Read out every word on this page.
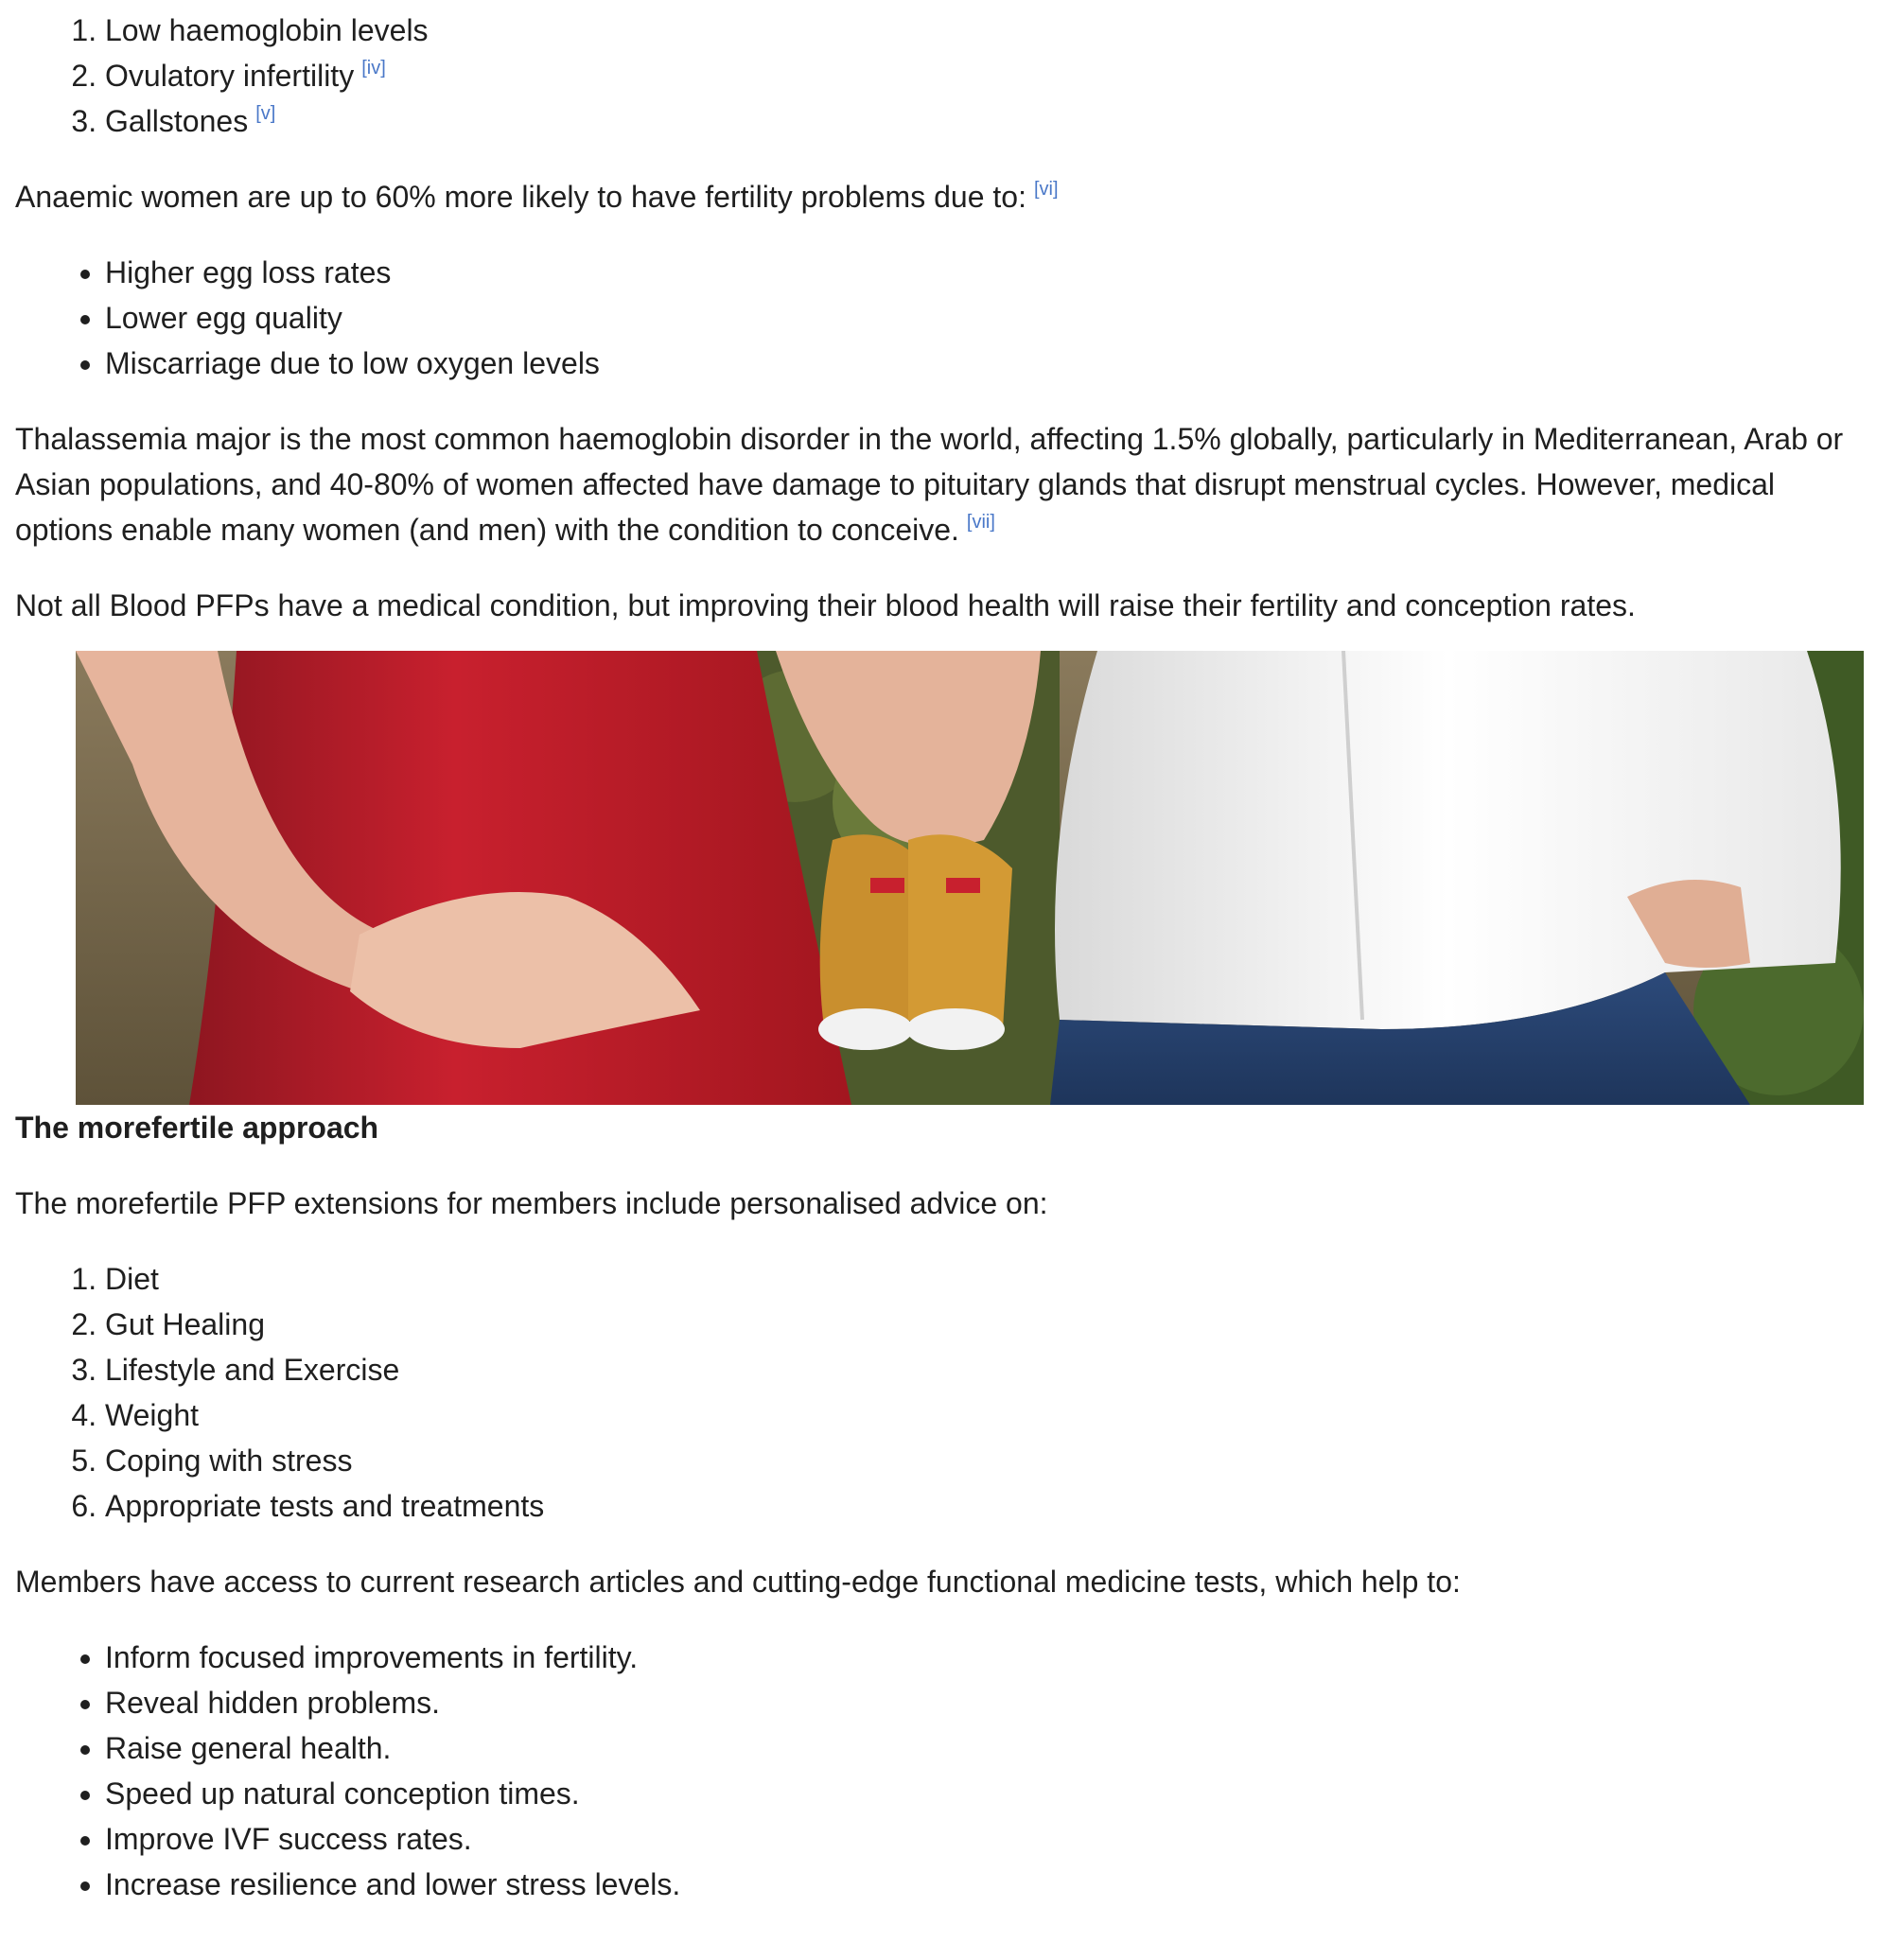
1. Low haemoglobin levels
2. Ovulatory infertility [iv]
3. Gallstones [v]

Anaemic women are up to 60% more likely to have fertility problems due to: [vi]

• Higher egg loss rates
• Lower egg quality
• Miscarriage due to low oxygen levels

Thalassemia major is the most common haemoglobin disorder in the world, affecting 1.5% globally, particularly in Mediterranean, Arab or Asian populations, and 40-80% of women affected have damage to pituitary glands that disrupt menstrual cycles. However, medical options enable many women (and men) with the condition to conceive. [vii]

Not all Blood PFPs have a medical condition, but improving their blood health will raise their fertility and conception rates.

The morefertile approach

The morefertile PFP extensions for members include personalised advice on:

1. Diet
2. Gut Healing
3. Lifestyle and Exercise
4. Weight
5. Coping with stress
6. Appropriate tests and treatments

Members have access to current research articles and cutting-edge functional medicine tests, which help to:

• Inform focused improvements in fertility.
• Reveal hidden problems.
• Raise general health.
• Speed up natural conception times.
• Improve IVF success rates.
• Increase resilience and lower stress levels.
